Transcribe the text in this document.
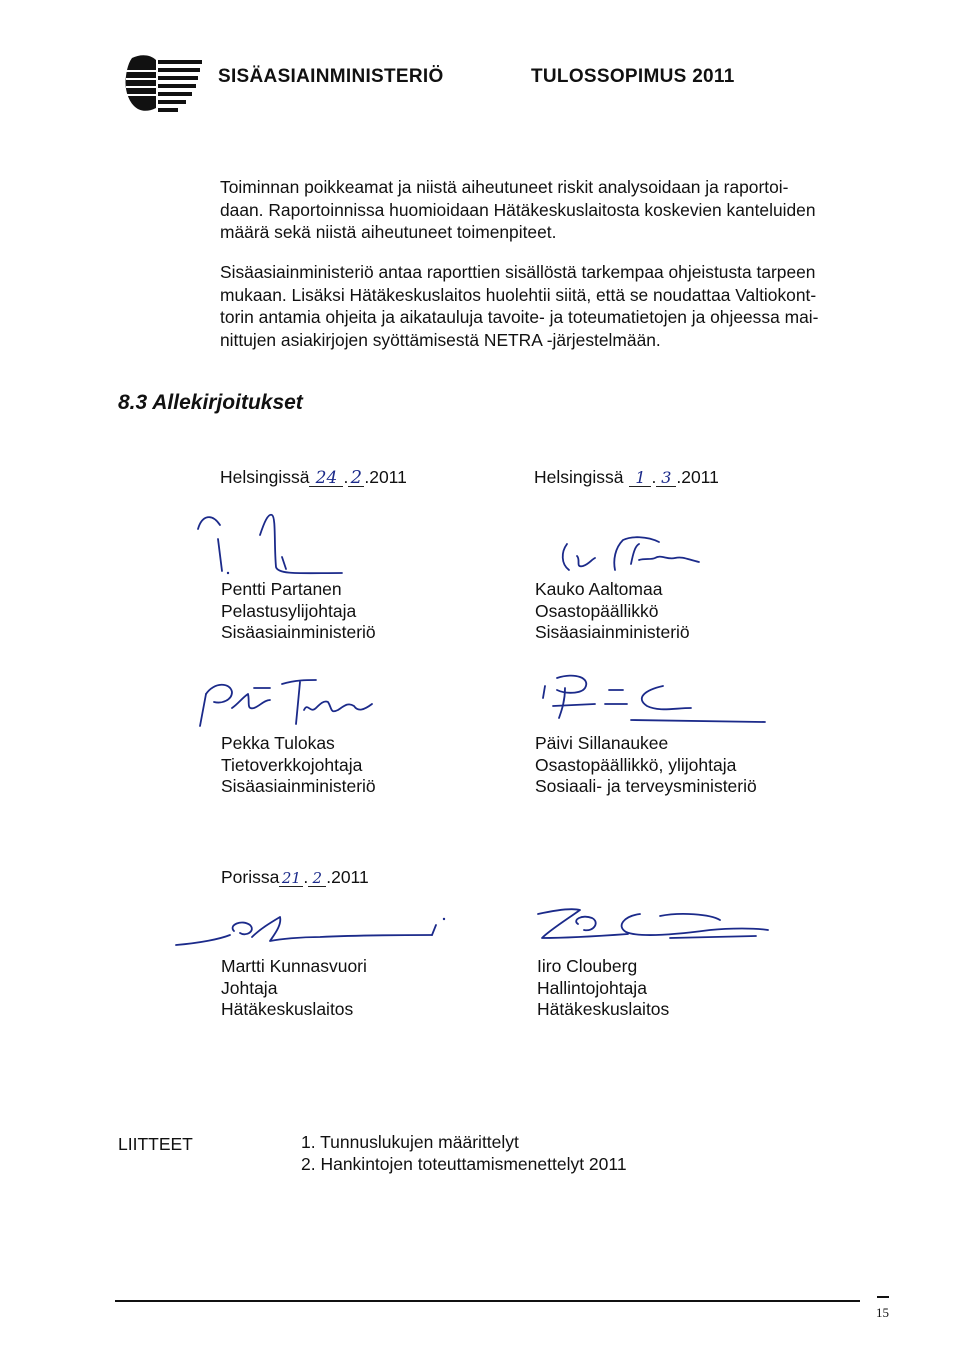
SISÄASIAINMINISTERIÖ	TULOSSOPIMUS 2011

Toiminnan poikkeamat ja niistä aiheutuneet riskit analysoidaan ja raportoi-

daan. Raportoinnissa huomioidaan Hätäkeskuslaitosta koskevien kanteluiden

määrä sekä niistä aiheutuneet toimenpiteet.

Sisäasiainministeriö antaa raporttien sisällöstä tarkempaa ohjeistusta tarpeen

mukaan. Lisäksi Hätäkeskuslaitos huolehtii siitä, että se noudattaa Valtiokont-

torin antamia ohjeita ja aikatauluja tavoite- ja toteumatietojen ja ohjeessa mai-

nittujen asiakirjojen syöttämisestä NETRA -järjestelmään.

8.3 Allekirjoitukset
Helsingissä 24 . 2 .2011	Helsingissä 1 . 3 .2011
Pentti Partanen
Pelastusylijohtaja
Sisäasiainministeriö
Kauko Aaltomaa
Osastopäällikkö
Sisäasiainministeriö
Pekka Tulokas
Tietoverkkojohtaja
Sisäasiainministeriö
Päivi Sillanaukee
Osastopäällikkö, ylijohtaja
Sosiaali- ja terveysministeriö
Porissa 21 . 2 .2011
Martti Kunnasvuori
Johtaja
Hätäkeskuslaitos
Iiro Clouberg
Hallintojohtaja
Hätäkeskuslaitos
LIITTEET	1. Tunnuslukujen määrittelyt
2. Hankintojen toteuttamismenettelyt 2011
15
